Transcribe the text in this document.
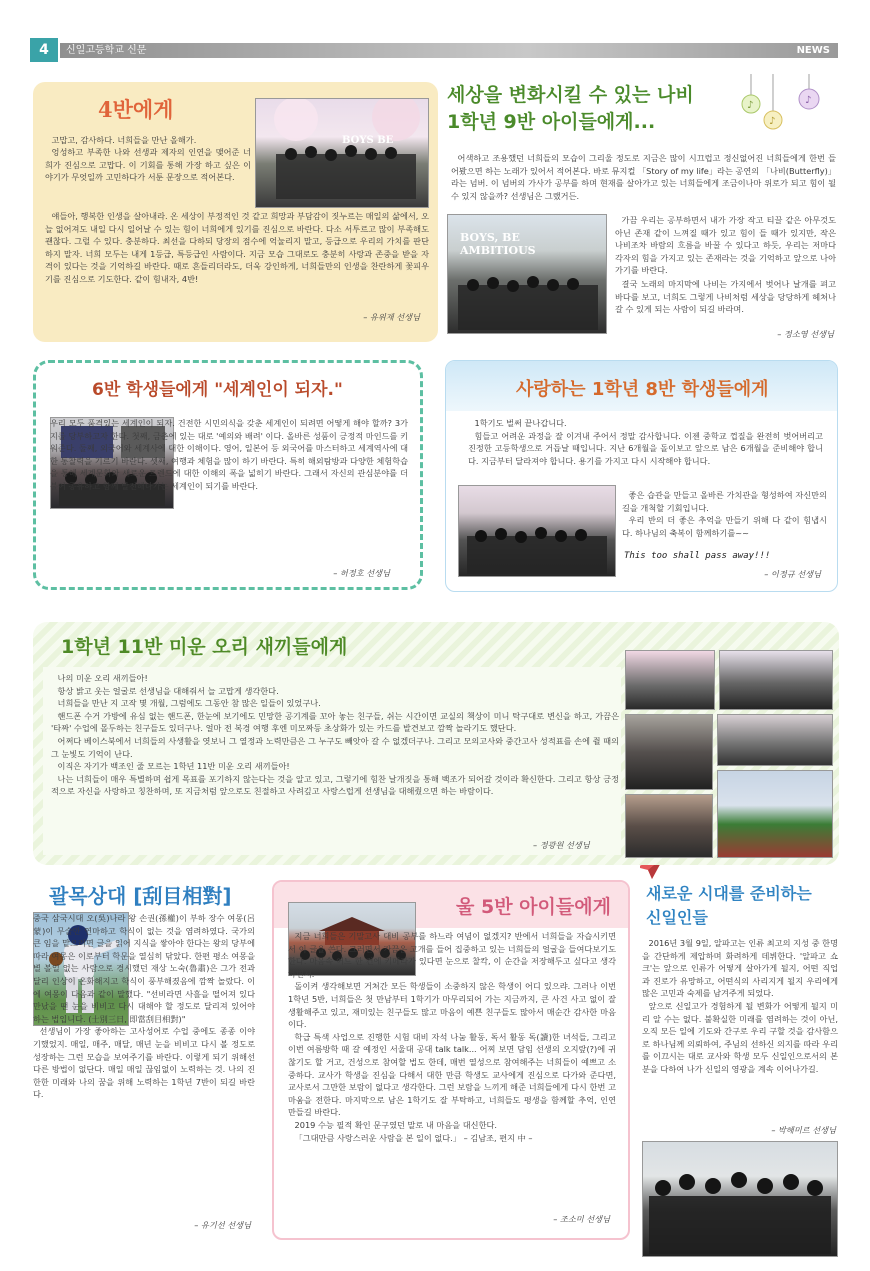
4	신일고등학교 신문	NEWS
4반에게
BOYS BE

고맙고, 감사하다. 너희들을 만난 올해가.

엉성하고 부족한 나와 선생과 제자의 인연을 맺어준 너희가 진심으로 고맙다. 이 기회를 통해 가장 하고 싶은 이야기가 무엇일까 고민하다가 서툰 문장으로 적어본다.

얘들아, 행복한 인생을 살아내라. 온 세상이 부정적인 것 같고 희망과 부담감이 짓누르는 매일의 삶에서, 오늘 없어져도 내일 다시 일어날 수 있는 힘이 너희에게 있기를 진심으로 바란다. 다소 서투르고 많이 부족해도 괜찮다. 그럴 수 있다. 충분하다. 최선을 다하되 당장의 점수에 억눌리지 말고, 등급으로 우리의 가치를 판단하지 말자. 너희 모두는 내게 1등급, 특등급인 사람이다. 지금 모습 그대로도 충분히 사랑과 존중을 받을 자격이 있다는 것을 기억하길 바란다. 때로 흔들리더라도, 더욱 강인하게, 너희들만의 인생을 찬란하게 꽃피우기를 진심으로 기도한다. 같이 힘내자, 4반!

– 유위재 선생님
세상을 변화시킬 수 있는 나비
1학년 9반 아이들에게...
♪
♪
♪

어색하고 조용했던 너희들의 모습이 그리울 정도로 지금은 많이 시끄럽고 정신없어진 너희들에게 한번 들어봤으면 하는 노래가 있어서 적어본다. 바로 뮤지컬 「Story of my life」라는 공연의 「나비(Butterfly)」라는 넘버. 이 넘버의 가사가 공부를 하며 현재를 살아가고 있는 너희들에게 조금이나마 위로가 되고 힘이 될 수 있지 않을까? 선생님은 그랬거든.

BOYS, BE AMBITIOUS

가끔 우리는 공부하면서 내가 가장 작고 티끌 같은 아무것도 아닌 존재 같이 느껴질 때가 있고 힘이 들 때가 있지만, 작은 나비조차 바람의 흐름을 바꿀 수 있다고 하듯, 우리는 저마다 각자의 힘을 가지고 있는 존재라는 것을 기억하고 앞으로 나아가기를 바란다.

결국 노래의 마지막에 나비는 가지에서 벗어나 날개를 펴고 바다를 보고, 너희도 그렇게 나비처럼 세상을 당당하게 헤쳐나갈 수 있게 되는 사람이 되길 바라며.

– 정소영 선생님
6반 학생들에게 "세계인이 되자."

우리 모두 품격있는 세계인이 되자. 건전한 시민의식을 갖춘 세계인이 되려면 어떻게 해야 할까? 3가지를 당부하고자 한다. 첫째, 금춘에 있는 대로 '예의와 배려' 이다. 올바른 성품이 긍정적 마인드를 키워준다. 둘째, 외국어와 세계사에 대한 이해이다. 영어, 일본어 등 외국어를 마스터하고 세계역사에 대한 통찰력을 기르기 바란다. 셋째, 여행과 체험을 많이 하기 바란다. 특히 해외탐방과 다양한 체험학습을 통해 세계문화와 새로운 트렌드에 대한 이해의 폭을 넓히기 바란다. 그래서 자신의 관심분야를 더불어 공유하고 함께 발전해나가는 세계인이 되기를 바란다.

– 허정호 선생님
사랑하는 1학년 8반 학생들에게

1학기도 벌써 끝나갑니다.

힘들고 어려운 과정을 잘 이겨내 주어서 정말 감사합니다. 이젠 중학교 껍질을 완전히 벗어버리고 진정한 고등학생으로 거듭날 때입니다. 지난 6개월을 돌이보고 앞으로 남은 6개월을 준비해야 합니다. 지금부터 달라져야 합니다. 용기를 가지고 다시 시작해야 합니다.

좋은 습관을 만들고 올바른 가치관을 형성하여 자신만의 길을 개척할 기회입니다.

우리 반의 더 좋은 추억을 만들기 위해 다 같이 힘냅시다. 하나님의 축복이 함께하기를~~

This too shall pass away!!!
– 이정규 선생님
1학년 11반 미운 오리 새끼들에게

나의 미운 오리 새끼들아!

항상 밝고 웃는 얼굴로 선생님을 대해줘서 늘 고맙게 생각한다.

너희들을 만난 지 고작 몇 개월, 그럼에도 그동안 참 많은 일들이 있었구나.

핸드폰 수거 가방에 유심 없는 핸드폰, 한눈에 보기에도 민망한 공기계를 꼬아 놓는 친구들, 쉬는 시간이면 교실의 책상이 미니 탁구대로 변신을 하고, 가끔은 '타짜' 수업에 몰두하는 친구들도 있더구나. 얼마 전 복경 여행 후엔 미모짜등 초상화가 있는 카드를 발견보고 깜짝 놀라기도 했단다.

어쩌다 베이스북에서 너희들의 사생활을 엿보니 그 열정과 노력만큼은 그 누구도 빼앗아 갈 수 없겠더구나. 그리고 모의고사와 중간고사 성적표를 손에 쥘 때의 그 눈빛도 기억이 난다.

이직은 자기가 백조인 줄 모르는 1학년 11반 미운 오리 새끼들아!

나는 너희들이 매우 특별하며 쉽게 목표를 포기하지 않는다는 것을 알고 있고, 그렇기에 힘찬 날개짓을 통해 백조가 되어갈 것이라 확신한다. 그리고 항상 긍정적으로 자신을 사랑하고 칭찬하며, 또 지금처럼 앞으로도 친절하고 사려깊고 사랑스럽게 선생님을 대해줬으면 하는 바람이다.

– 정광원 선생님
괄목상대 [刮目相對]

중국 삼국시대 오(吳)나라 왕 손권(孫權)이 부하 장수 여몽(呂蒙)이 무술만 연마하고 학식이 없는 것을 염려하였다. 국가의 큰 임을 맡으려면 글을 읽어 지식을 쌓아야 한다는 왕의 당부에 따라 여몽은 이로부터 학문을 열심히 닦았다. 한편 평소 여몽을 별 볼일 없는 사람으로 경시했던 재상 노숙(魯肅)은 그가 전과 달리 인상이 온화해지고 학식이 풍부해졌음에 깜짝 놀랐다. 이에 여몽이 다음과 같이 말했다. "선비라면 사흘을 떨어져 있다 만났을 땐 눈을 비비고 다시 대해야 할 정도로 달리져 있어야 하는 법입니다. (士別三日, 即當刮目相對)"

선생님이 가장 좋아하는 고사성어로 수업 중에도 종종 이야기했었지. 매일, 매주, 매달, 매년 눈을 비비고 다시 볼 정도로 성장하는 그런 모습을 보여주기를 바란다. 이렇게 되기 위해선 다른 방법이 없단다. 매일 매일 끊임없이 노력하는 것. 나의 진한한 미래와 나의 꿈을 위해 노력하는 1학년 7반이 되길 바란다.

– 유기선 선생님
울 5반 아이들에게

지금 너희들은 기말고사 대비 공부를 하느라 여념이 없겠지? 반에서 너희들을 자습시키면서 이 글을 쓴다. 그러면서 가끔은 고개를 들어 집중하고 있는 너희들의 얼굴을 들여다보기도 한다. 마음속 어느 한 켠에 키메라가 있다면 눈으로 찰칵, 이 순간을 저장해두고 싶다고 생각하면서.

돌이켜 생각해보면 거쳐간 모든 학생들이 소중하지 않은 학생이 어디 있으랴. 그러나 이번 1학년 5반, 너희들은 첫 만남부터 1학기가 마무리되어 가는 지금까지, 큰 사건 사고 없이 잘 생활해주고 있고, 재미있는 친구들도 많고 마음이 예쁜 친구들도 많아서 매순간 감사한 마음이다.

학급 특색 사업으로 진행한 시험 대비 자석 나눔 활동, 독서 활동 독(讀)한 녀석들, 그리고 이번 여름방학 때 갈 예정인 서울대 공대 talk talk... 어찌 보면 담임 선생의 오지랖(?)에 귀찮기도 할 거고, 건성으로 참여할 법도 한데, 매번 열성으로 참여해주는 너희들이 예쁘고 소중하다. 교사가 학생을 진심을 다해서 대한 만큼 학생도 교사에게 진심으로 다가와 준다면, 교사로서 그만한 보람이 없다고 생각한다. 그런 보람을 느끼게 해준 너희들에게 다시 한번 고마움을 전한다. 마지막으로 남은 1학기도 잘 부탁하고, 너희들도 평생을 함께할 추억, 인연 만들길 바란다.

2019 수능 필적 확인 문구였던 말로 내 마음을 대신한다.

「그대만큼 사랑스러운 사람을 본 일이 없다.」 – 김남조, 편지 中 –

– 조소미 선생님
새로운 시대를 준비하는
신일인들

2016년 3월 9일, 알파고는 인류 최고의 지성 중 한명을 간단하게 제압하며 화려하게 데뷔한다. '알파고 쇼크'는 앞으로 인류가 어떻게 살아가게 될지, 어떤 직업과 진로가 유망하고, 어떤식의 사리지게 될지 우리에게 많은 고민과 숙제를 남겨주게 되었다.

앞으로 신일고가 경험하게 될 변화가 어떻게 될지 미리 알 수는 없다. 불확실한 미래를 염려하는 것이 아닌, 오직 모든 일에 기도와 간구로 우리 구할 것을 감사함으로 하나님께 의뢰하여, 주님의 선하신 의지를 따라 우리를 이끄시는 대로 교사와 학생 모두 신일인으로서의 본분을 다하여 나가 신일의 영광을 계속 이어나가길.

– 박해미르 선생님
